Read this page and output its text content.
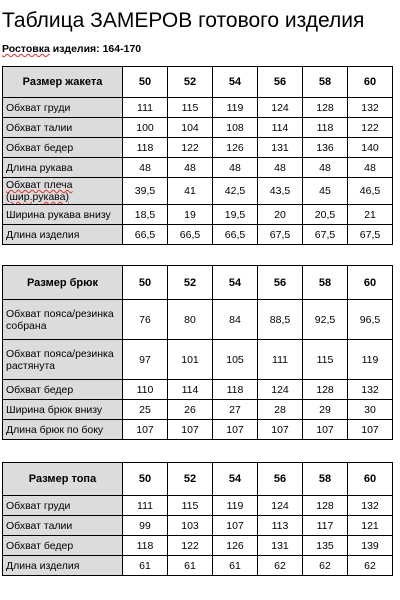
Таблица ЗАМЕРОВ готового изделия
Ростовка изделия: 164-170
Размер жакета	50	52	54	56	58	60
Обхват груди	111	115	119	124	128	132
Обхват талии	100	104	108	114	118	122
Обхват бедер	118	122	126	131	136	140
Длина рукава	48	48	48	48	48	48
Обхват плеча (шир.рукава)	39,5	41	42,5	43,5	45	46,5
Ширина рукава внизу	18,5	19	19,5	20	20,5	21
Длина изделия	66,5	66,5	66,5	67,5	67,5	67,5
Размер брюк	50	52	54	56	58	60
Обхват пояса/резинка собрана	76	80	84	88,5	92,5	96,5
Обхват пояса/резинка растянута	97	101	105	111	115	119
Обхват бедер	110	114	118	124	128	132
Ширина брюк внизу	25	26	27	28	29	30
Длина брюк по боку	107	107	107	107	107	107
Размер топа	50	52	54	56	58	60
Обхват груди	111	115	119	124	128	132
Обхват талии	99	103	107	113	117	121
Обхват бедер	118	122	126	131	135	139
Длина изделия	61	61	61	62	62	62
